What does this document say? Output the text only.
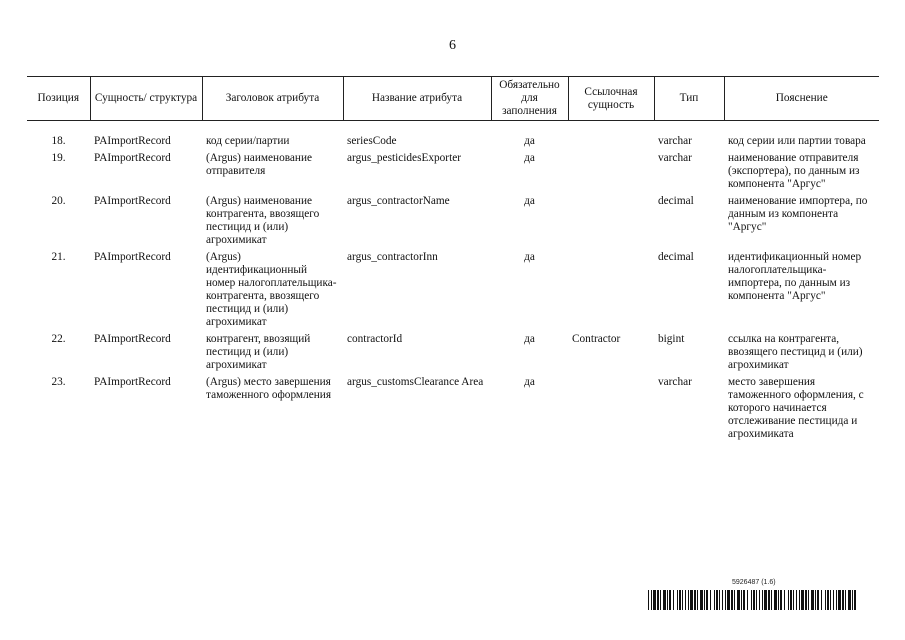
6
Позиция	Сущность/ структура	Заголовок атрибута	Название атрибута	Обязательно для заполнения	Ссылочная сущность	Тип	Пояснение

18.	PAImportRecord	код серии/партии	seriesCode	да		varchar	код серии или партии товара
19.	PAImportRecord	(Argus) наименование отправителя	argus_pesticidesExporter	да		varchar	наименование отправителя (экспортера), по данным из компонента "Аргус"
20.	PAImportRecord	(Argus) наименование контрагента, ввозящего пестицид и (или) агрохимикат	argus_contractorName	да		decimal	наименование импортера, по данным из компонента "Аргус"
21.	PAImportRecord	(Argus) идентификационный номер налогоплательщика-контрагента, ввозящего пестицид и (или) агрохимикат	argus_contractorInn	да		decimal	идентификационный номер налогоплательщика-импортера, по данным из компонента "Аргус"
22.	PAImportRecord	контрагент, ввозящий пестицид и (или) агрохимикат	contractorId	да	Contractor	bigint	ссылка на контрагента, ввозящего пестицид и (или) агрохимикат
23.	PAImportRecord	(Argus) место завершения таможенного оформления	argus_customsClearance Area	да		varchar	место завершения таможенного оформления, с которого начинается отслеживание пестицида и агрохимиката
5926487 (1.6)
